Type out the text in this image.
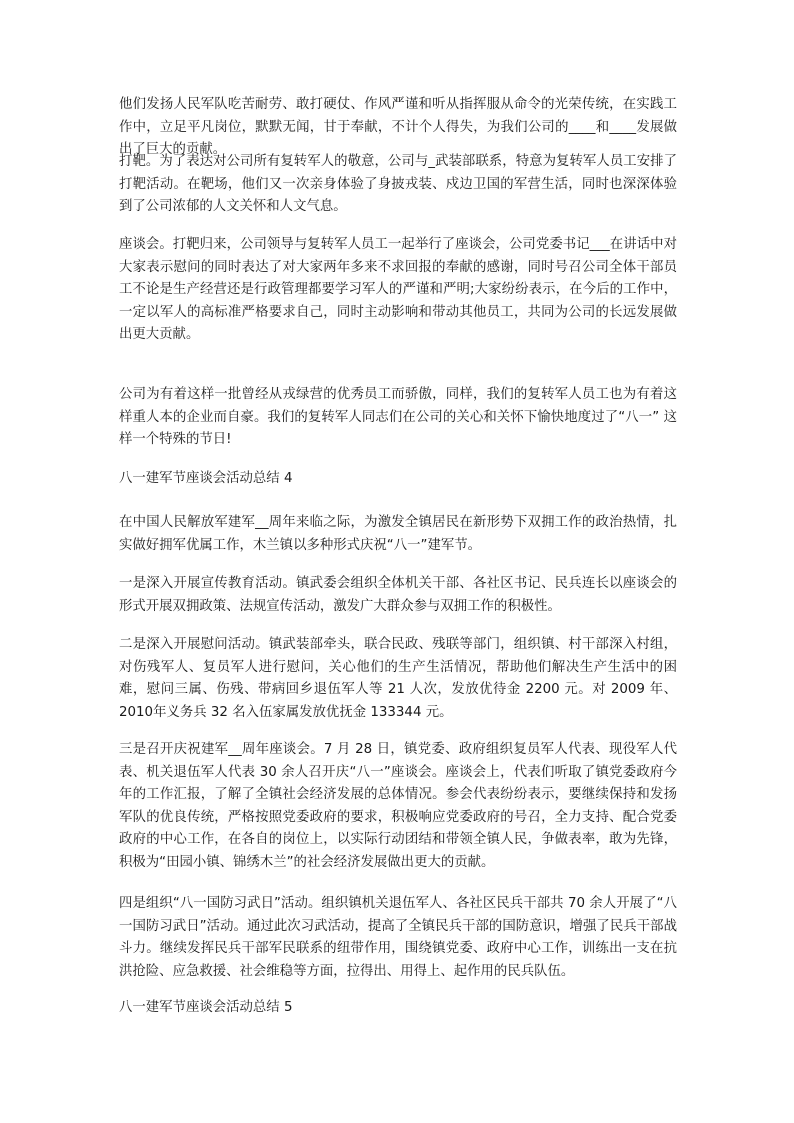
他们发扬人民军队吃苦耐劳、敢打硬仗、作风严谨和听从指挥服从命令的光荣传统，在实践工作中，立足平凡岗位，默默无闻，甘于奉献，不计个人得失，为我们公司的____和____发展做出了巨大的贡献。

打靶。为了表达对公司所有复转军人的敬意，公司与_武装部联系，特意为复转军人员工安排了打靶活动。在靶场，他们又一次亲身体验了身披戎装、戍边卫国的军营生活，同时也深深体验到了公司浓郁的人文关怀和人文气息。

座谈会。打靶归来，公司领导与复转军人员工一起举行了座谈会，公司党委书记___在讲话中对大家表示慰问的同时表达了对大家两年多来不求回报的奉献的感谢，同时号召公司全体干部员工不论是生产经营还是行政管理都要学习军人的严谨和严明;大家纷纷表示，在今后的工作中，一定以军人的高标准严格要求自己，同时主动影响和带动其他员工，共同为公司的长远发展做出更大贡献。

公司为有着这样一批曾经从戎绿营的优秀员工而骄傲，同样，我们的复转军人员工也为有着这样重人本的企业而自豪。我们的复转军人同志们在公司的关心和关怀下愉快地度过了“八一” 这样一个特殊的节日!

八一建军节座谈会活动总结 4

在中国人民解放军建军__周年来临之际，为激发全镇居民在新形势下双拥工作的政治热情，扎实做好拥军优属工作，木兰镇以多种形式庆祝“八一”建军节。

一是深入开展宣传教育活动。镇武委会组织全体机关干部、各社区书记、民兵连长以座谈会的形式开展双拥政策、法规宣传活动，激发广大群众参与双拥工作的积极性。

二是深入开展慰问活动。镇武装部牵头，联合民政、残联等部门，组织镇、村干部深入村组，对伤残军人、复员军人进行慰问，关心他们的生产生活情况，帮助他们解决生产生活中的困难，慰问三属、伤残、带病回乡退伍军人等 21 人次，发放优待金 2200 元。对 2009 年、2010年义务兵 32 名入伍家属发放优抚金 133344 元。

三是召开庆祝建军__周年座谈会。7 月 28 日，镇党委、政府组织复员军人代表、现役军人代表、机关退伍军人代表 30 余人召开庆“八一”座谈会。座谈会上，代表们听取了镇党委政府今年的工作汇报，了解了全镇社会经济发展的总体情况。参会代表纷纷表示，要继续保持和发扬军队的优良传统，严格按照党委政府的要求，积极响应党委政府的号召，全力支持、配合党委政府的中心工作，在各自的岗位上，以实际行动团结和带领全镇人民，争做表率，敢为先锋，积极为“田园小镇、锦绣木兰”的社会经济发展做出更大的贡献。

四是组织“八一国防习武日”活动。组织镇机关退伍军人、各社区民兵干部共 70 余人开展了“八一国防习武日”活动。通过此次习武活动，提高了全镇民兵干部的国防意识，增强了民兵干部战斗力。继续发挥民兵干部军民联系的纽带作用，围绕镇党委、政府中心工作，训练出一支在抗洪抢险、应急救援、社会维稳等方面，拉得出、用得上、起作用的民兵队伍。

八一建军节座谈会活动总结 5
